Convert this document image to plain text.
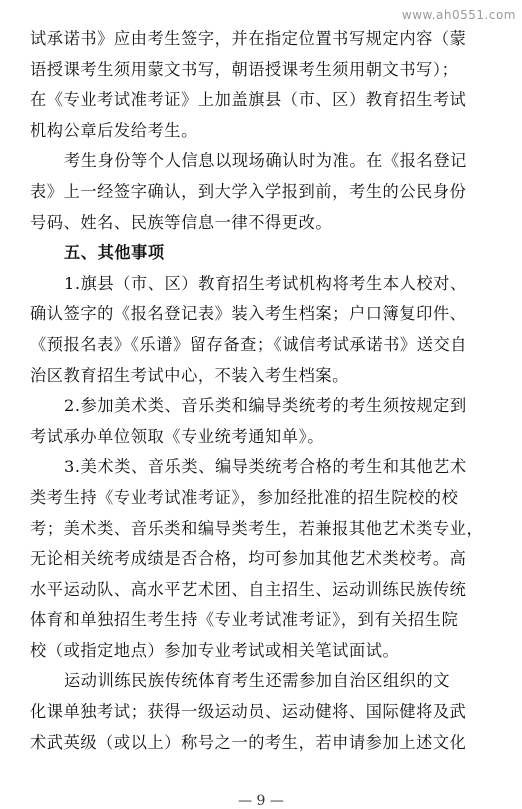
www.ah0551.com
试承诺书》应由考生签字，并在指定位置书写规定内容（蒙
语授课考生须用蒙文书写，朝语授课考生须用朝文书写）；
在《专业考试准考证》上加盖旗县（市、区）教育招生考试
机构公章后发给考生。
考生身份等个人信息以现场确认时为准。在《报名登记
表》上一经签字确认，到大学入学报到前，考生的公民身份
号码、姓名、民族等信息一律不得更改。
五、其他事项
1.旗县（市、区）教育招生考试机构将考生本人校对、
确认签字的《报名登记表》装入考生档案；户口簿复印件、
《预报名表》《乐谱》留存备查；《诚信考试承诺书》送交自
治区教育招生考试中心，不装入考生档案。
2.参加美术类、音乐类和编导类统考的考生须按规定到
考试承办单位领取《专业统考通知单》。
3.美术类、音乐类、编导类统考合格的考生和其他艺术
类考生持《专业考试准考证》，参加经批准的招生院校的校
考；美术类、音乐类和编导类考生，若兼报其他艺术类专业，
无论相关统考成绩是否合格，均可参加其他艺术类校考。高
水平运动队、高水平艺术团、自主招生、运动训练民族传统
体育和单独招生考生持《专业考试准考证》，到有关招生院
校（或指定地点）参加专业考试或相关笔试面试。
运动训练民族传统体育考生还需参加自治区组织的文
化课单独考试；获得一级运动员、运动健将、国际健将及武
术武英级（或以上）称号之一的考生，若申请参加上述文化
— 9 —
